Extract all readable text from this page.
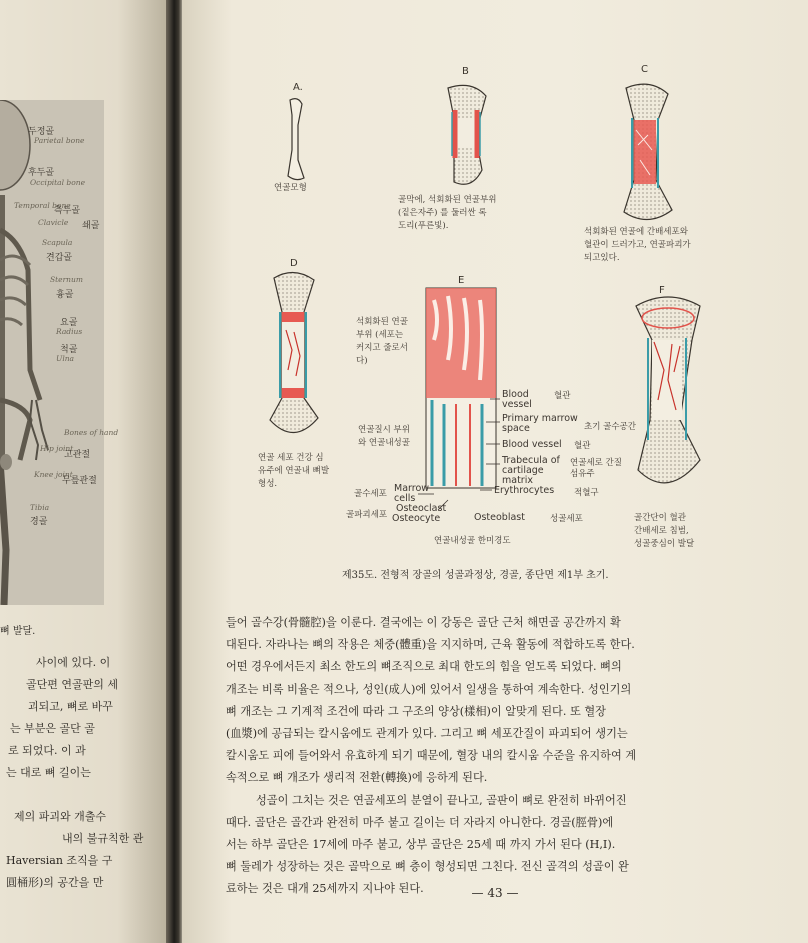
두정골
Parietal bone
후두골
Occipital bone
Temporal bone
측두골
Clavicle 쇄골
Scapula
견갑골
Sternum
흉골
요골
Radius
척골
Ulna
Bones of hand
Hip joint
고관절
Knee joint
무릎관절
Tibia
경골
뼈 발달.
사이에 있다. 이
골단편 연골판의 세
괴되고, 뼈로 바꾸
는 부분은 골단 골
로 되었다. 이 과
는 대로 뼈 길이는
제의 파괴와 개출수
내의 불규칙한 관
Haversian 조직을 구
圓桶形)의 공간을 만
A.
B	C
D
E
F
연골모형
골막에, 석회화된 연골부위
(짙은자주) 를 둘러싼 록
도리(푸른빛).
석회화된 연골에 간배세포와
혈관이 드러가고, 연골파괴가
되고있다.
연골 세포 건강 심
유주에 연골내 뼈발
형성.
석회화된 연골
부위 (세포는
커지고 줄로서
다)
연골질시 부위
와 연골내성골
골간단이 혈관
간배세로 침범,
성골중심이 발달
Blood vessel
혈관
Primary marrow space	초기 골수공간
Blood vessel 혈관
Trabecula of cartilage matrix
연골세로 간질섬유주
Erythrocytes 적혈구
Marrow cells
골수세포
Osteoclast
골파괴세포 Osteocyte	Osteoblast	성골세포
연골내성골 한미경도
제35도. 전형적 장골의 성골과정상, 경골, 종단면 제1부 초기.

들어 골수강(骨髓腔)을 이룬다. 결국에는 이 강동은 골단 근처 해면골 공간까지 확

대된다. 자라나는 뼈의 작용은 체중(體重)을 지지하며, 근육 활동에 적합하도록 한다.

어떤 경우에서든지 최소 한도의 뼈조직으로 최대 한도의 힘을 얻도록 되었다. 뼈의

개조는 비록 비율은 적으나, 성인(成人)에 있어서 일생을 통하여 계속한다. 성인기의

뼈 개조는 그 기계적 조건에 따라 그 구조의 양상(樣相)이 알맞게 된다. 또 혈장

(血漿)에 공급되는 칼시움에도 관계가 있다. 그리고 뼈 세포간질이 파괴되어 생기는

칼시움도 피에 들어와서 유효하게 되기 때문에, 혈장 내의 칼시움 수준을 유지하여 계

속적으로 뼈 개조가 생리적 전환(轉換)에 응하게 된다.

성골이 그치는 것은 연골세포의 분열이 끝나고, 골판이 뼈로 완전히 바뀌어진

때다. 골단은 골간과 완전히 마주 붙고 길이는 더 자라지 아니한다. 경골(脛骨)에

서는 하부 골단은 17세에 마주 붙고, 상부 골단은 25세 때 까지 가서 된다 (H,I).

뼈 둘레가 성장하는 것은 골막으로 뼈 층이 형성되면 그친다. 전신 골격의 성골이 완

료하는 것은 대개 25세까지 지나야 된다.	— 43 —
